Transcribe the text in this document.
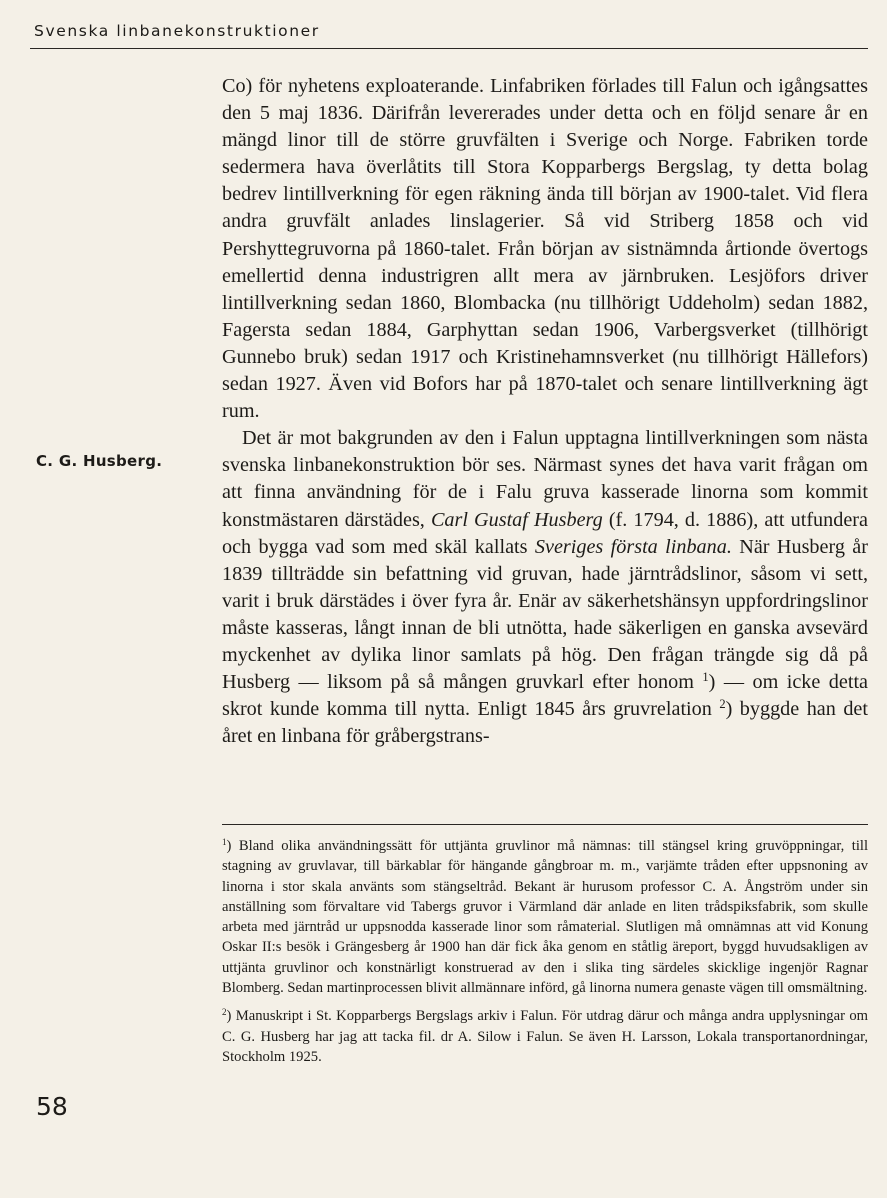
Svenska linbanekonstruktioner

Co) för nyhetens exploaterande. Linfabriken förlades till Falun och igångsattes den 5 maj 1836. Därifrån levererades under detta och en följd senare år en mängd linor till de större gruvfälten i Sverige och Norge. Fabriken torde sedermera hava överlåtits till Stora Kopparbergs Bergslag, ty detta bolag bedrev lintillverkning för egen räkning ända till början av 1900-talet. Vid flera andra gruvfält anlades linslagerier. Så vid Striberg 1858 och vid Pershyttegruvorna på 1860-talet. Från början av sistnämnda årtionde övertogs emellertid denna industrigren allt mera av järnbruken. Lesjöfors driver lintillverkning sedan 1860, Blombacka (nu tillhörigt Uddeholm) sedan 1882, Fagersta sedan 1884, Garphyttan sedan 1906, Varbergsverket (tillhörigt Gunnebo bruk) sedan 1917 och Kristinehamnsverket (nu tillhörigt Hällefors) sedan 1927. Även vid Bofors har på 1870-talet och senare lintillverkning ägt rum.

Det är mot bakgrunden av den i Falun upptagna lintillverkningen som nästa svenska linbanekonstruktion bör ses. Närmast synes det hava varit frågan om att finna användning för de i Falu gruva kasserade linorna som kommit konstmästaren därstädes, Carl Gustaf Husberg (f. 1794, d. 1886), att utfundera och bygga vad som med skäl kallats Sveriges första linbana. När Husberg år 1839 tillträdde sin befattning vid gruvan, hade järntrådslinor, såsom vi sett, varit i bruk därstädes i över fyra år. Enär av säkerhetshänsyn uppfordringslinor måste kasseras, långt innan de bli utnötta, hade säkerligen en ganska avsevärd myckenhet av dylika linor samlats på hög. Den frågan trängde sig då på Husberg — liksom på så mången gruvkarl efter honom $^1$) — om icke detta skrot kunde komma till nytta. Enligt 1845 års gruvrelation $^2$) byggde han det året en linbana för gråbergstrans-

C. G. Husberg.

$^1$) Bland olika användningssätt för uttjänta gruvlinor må nämnas: till stängsel kring gruvöppningar, till stagning av gruvlavar, till bärkablar för hängande gångbroar m. m., varjämte tråden efter uppsnoning av linorna i stor skala använts som stängseltråd. Bekant är hurusom professor C. A. Ångström under sin anställning som förvaltare vid Tabergs gruvor i Värmland där anlade en liten trådspiksfabrik, som skulle arbeta med järntråd ur uppsnodda kasserade linor som råmaterial. Slutligen må omnämnas att vid Konung Oskar II:s besök i Grängesberg år 1900 han där fick åka genom en ståtlig äreport, byggd huvudsakligen av uttjänta gruvlinor och konstnärligt konstruerad av den i slika ting särdeles skicklige ingenjör Ragnar Blomberg. Sedan martinprocessen blivit allmännare införd, gå linorna numera genaste vägen till omsmältning.

$^2$) Manuskript i St. Kopparbergs Bergslags arkiv i Falun. För utdrag därur och många andra upplysningar om C. G. Husberg har jag att tacka fil. dr A. Silow i Falun. Se även H. Larsson, Lokala transportanordningar, Stockholm 1925.

58
